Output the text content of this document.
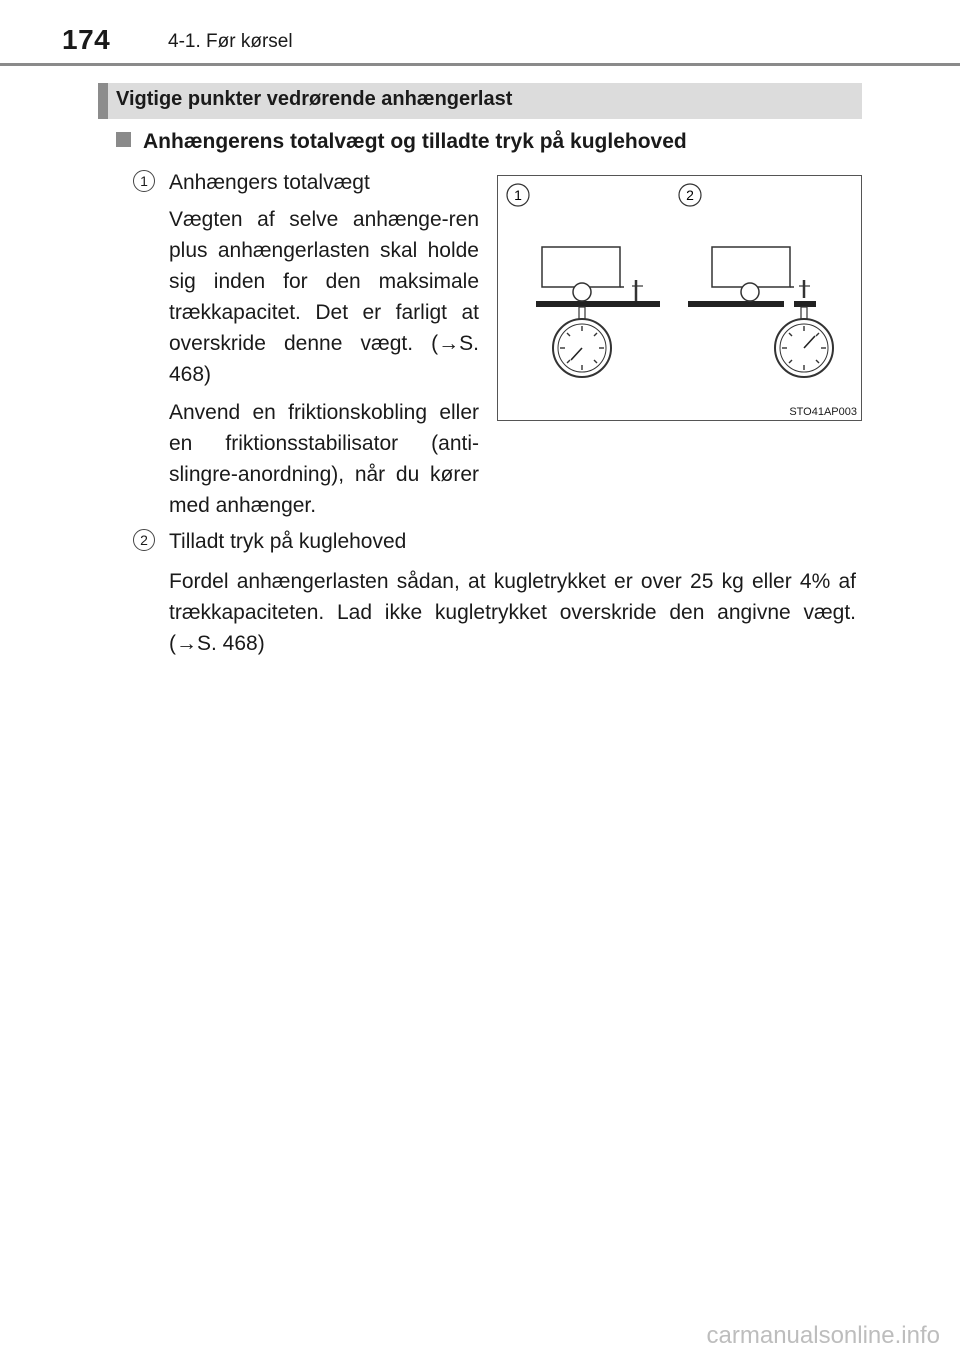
174	4-1. Før kørsel
Vigtige punkter vedrørende anhængerlast
Anhængerens totalvægt og tilladte tryk på kuglehoved
1	Anhængers totalvægt

Vægten af selve anhænge-ren plus anhængerlasten skal holde sig inden for den maksimale trækkapacitet. Det er farligt at overskride denne vægt. (→S. 468)

Anvend en friktionskobling eller en friktionsstabilisator (anti-slingre-anordning), når du kører med anhænger.

2	Tilladt tryk på kuglehoved

Fordel anhængerlasten sådan, at kugletrykket er over 25 kg eller 4% af trækkapaciteten. Lad ikke kugletrykket overskride den angivne vægt. (→S. 468)

1	2
STO41AP003
carmanualsonline.info
